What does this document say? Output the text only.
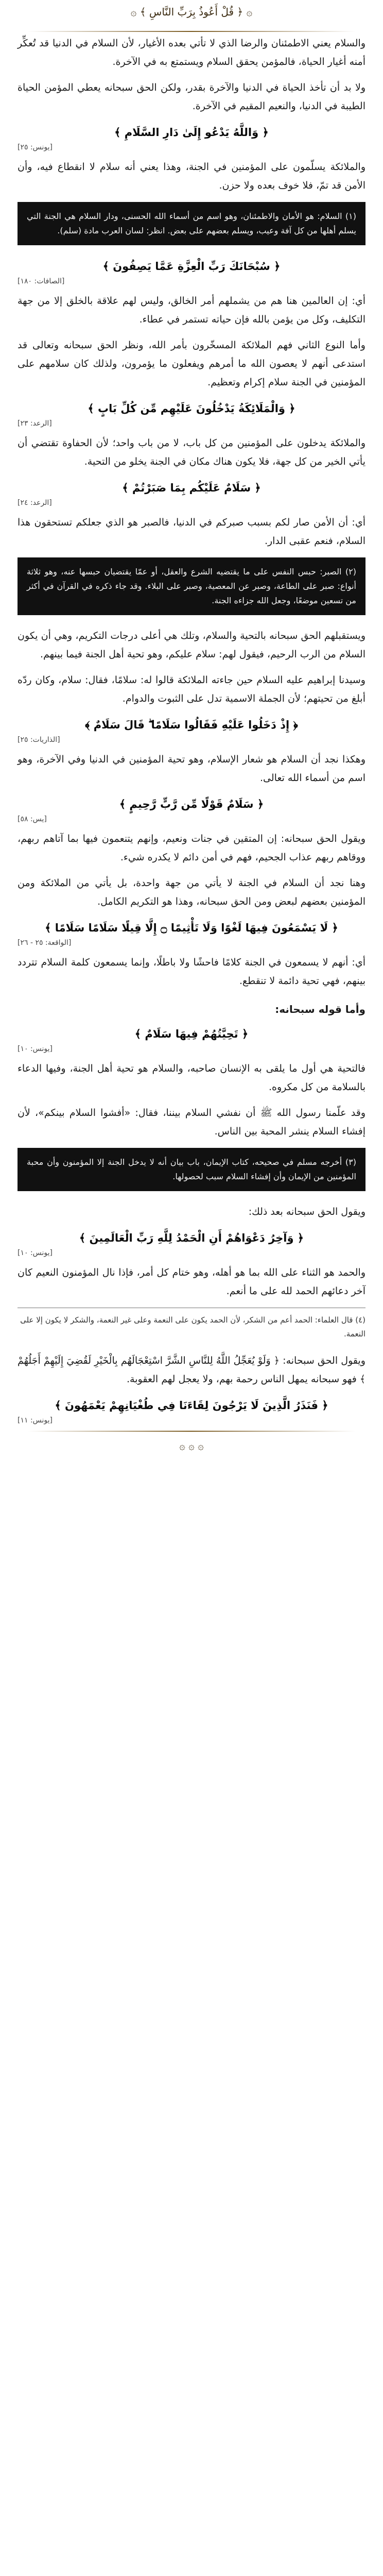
۞ ﴿ قُلْ أَعُوذُ بِرَبِّ النَّاسِ ﴾ ۞
والسلام يعني الاطمئنان والرضا الذي لا تأتي بعده الأغيار، لأن السلام في الدنيا قد تُعكِّر أمنه أغيار الحياة، فالمؤمن يحقق السلام ويستمتع به في الآخرة.
ولا بد أن تأخذ الحياة في الدنيا والآخرة بقدر، ولكن الحق سبحانه يعطي المؤمن الحياة الطيبة في الدنيا، والنعيم المقيم في الآخرة.
﴿ وَاللَّهُ يَدْعُو إِلَىٰ دَارِ السَّلَامِ ﴾
[يونس: ٢٥]
والملائكة يسلّمون على المؤمنين في الجنة، وهذا يعني أنه سلام لا انقطاع فيه، وأن الأمن قد تمّ، فلا خوف بعده ولا حزن.
(١) السلام: هو الأمان والاطمئنان، وهو اسم من أسماء الله الحسنى، ودار السلام هي الجنة التي يسلم أهلها من كل آفة وعيب، ويسلم بعضهم على بعض. انظر: لسان العرب مادة (سلم).
﴿ سُبْحَانَكَ رَبِّ الْعِزَّةِ عَمَّا يَصِفُونَ ﴾
[الصافات: ١٨٠]
أي: إن العالمين هنا هم من يشملهم أمر الخالق، وليس لهم علاقة بالخلق إلا من جهة التكليف، وكل من يؤمن بالله فإن حياته تستمر في عطاء.
وأما النوع الثاني فهم الملائكة المسخّرون بأمر الله، ونظر الحق سبحانه وتعالى قد استدعى أنهم لا يعصون الله ما أمرهم ويفعلون ما يؤمرون، ولذلك كان سلامهم على المؤمنين في الجنة سلام إكرام وتعظيم.
﴿ وَالْمَلَائِكَةُ يَدْخُلُونَ عَلَيْهِم مِّن كُلِّ بَابٍ ﴾
[الرعد: ٢٣]
والملائكة يدخلون على المؤمنين من كل باب، لا من باب واحد؛ لأن الحفاوة تقتضي أن يأتي الخير من كل جهة، فلا يكون هناك مكان في الجنة يخلو من التحية.
﴿ سَلَامٌ عَلَيْكُم بِمَا صَبَرْتُمْ ﴾
[الرعد: ٢٤]
أي: أن الأمن صار لكم بسبب صبركم في الدنيا، فالصبر هو الذي جعلكم تستحقون هذا السلام، فنعم عقبى الدار.
(٢) الصبر: حبس النفس على ما يقتضيه الشرع والعقل، أو عمّا يقتضيان حبسها عنه، وهو ثلاثة أنواع: صبر على الطاعة، وصبر عن المعصية، وصبر على البلاء. وقد جاء ذكره في القرآن في أكثر من تسعين موضعًا، وجعل الله جزاءه الجنة.
ويستقبلهم الحق سبحانه بالتحية والسلام، وتلك هي أعلى درجات التكريم، وهي أن يكون السلام من الرب الرحيم، فيقول لهم: سلام عليكم، وهو تحية أهل الجنة فيما بينهم.
وسيدنا إبراهيم عليه السلام حين جاءته الملائكة قالوا له: سلامًا، فقال: سلام، وكان ردّه أبلغ من تحيتهم؛ لأن الجملة الاسمية تدل على الثبوت والدوام.
﴿ إِذْ دَخَلُوا عَلَيْهِ فَقَالُوا سَلَامًا ۖ قَالَ سَلَامٌ ﴾
[الذاريات: ٢٥]
وهكذا نجد أن السلام هو شعار الإسلام، وهو تحية المؤمنين في الدنيا وفي الآخرة، وهو اسم من أسماء الله تعالى.
﴿ سَلَامٌ قَوْلًا مِّن رَّبٍّ رَّحِيمٍ ﴾
[يس: ٥٨]
ويقول الحق سبحانه: إن المتقين في جنات ونعيم، وإنهم يتنعمون فيها بما آتاهم ربهم، ووقاهم ربهم عذاب الجحيم، فهم في أمن دائم لا يكدره شيء.
وهنا نجد أن السلام في الجنة لا يأتي من جهة واحدة، بل يأتي من الملائكة ومن المؤمنين بعضهم لبعض ومن الحق سبحانه، وهذا هو التكريم الكامل.
﴿ لَا يَسْمَعُونَ فِيهَا لَغْوًا وَلَا تَأْثِيمًا ۝ إِلَّا قِيلًا سَلَامًا سَلَامًا ﴾
[الواقعة: ٢٥ - ٢٦]
أي: أنهم لا يسمعون في الجنة كلامًا فاحشًا ولا باطلًا، وإنما يسمعون كلمة السلام تتردد بينهم، فهي تحية دائمة لا تنقطع.
وأما قوله سبحانه:
﴿ تَحِيَّتُهُمْ فِيهَا سَلَامٌ ﴾
[يونس: ١٠]
فالتحية هي أول ما يلقى به الإنسان صاحبه، والسلام هو تحية أهل الجنة، وفيها الدعاء بالسلامة من كل مكروه.
وقد علّمنا رسول الله ﷺ أن نفشي السلام بيننا، فقال: «أفشوا السلام بينكم»، لأن إفشاء السلام ينشر المحبة بين الناس.
(٣) أخرجه مسلم في صحيحه، كتاب الإيمان، باب بيان أنه لا يدخل الجنة إلا المؤمنون وأن محبة المؤمنين من الإيمان وأن إفشاء السلام سبب لحصولها.
ويقول الحق سبحانه بعد ذلك:
﴿ وَآخِرُ دَعْوَاهُمْ أَنِ الْحَمْدُ لِلَّهِ رَبِّ الْعَالَمِينَ ﴾
[يونس: ١٠]
والحمد هو الثناء على الله بما هو أهله، وهو ختام كل أمر، فإذا نال المؤمنون النعيم كان آخر دعائهم الحمد لله على ما أنعم.
(٤) قال العلماء: الحمد أعم من الشكر، لأن الحمد يكون على النعمة وعلى غير النعمة، والشكر لا يكون إلا على النعمة.
ويقول الحق سبحانه: ﴿ وَلَوْ يُعَجِّلُ اللَّهُ لِلنَّاسِ الشَّرَّ اسْتِعْجَالَهُم بِالْخَيْرِ لَقُضِيَ إِلَيْهِمْ أَجَلُهُمْ ﴾ فهو سبحانه يمهل الناس رحمة بهم، ولا يعجل لهم العقوبة.
﴿ فَنَذَرُ الَّذِينَ لَا يَرْجُونَ لِقَاءَنَا فِي طُغْيَانِهِمْ يَعْمَهُونَ ﴾
[يونس: ١١]
۞ ۞ ۞
